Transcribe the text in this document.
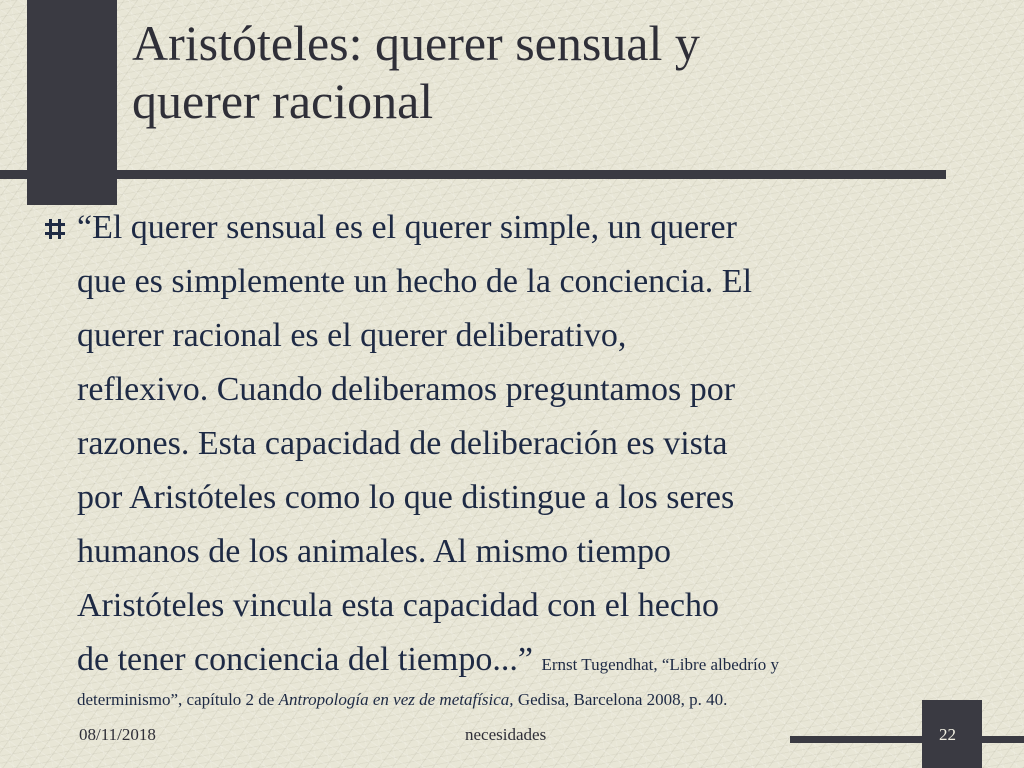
Aristóteles: querer sensual y
querer racional
“El querer sensual es el querer simple, un querer
que es simplemente un hecho de la conciencia. El
querer racional es el querer deliberativo,
reflexivo. Cuando deliberamos preguntamos por
razones. Esta capacidad de deliberación es vista
por Aristóteles como lo que distingue a los seres
humanos de los animales. Al mismo tiempo
Aristóteles vincula esta capacidad con el hecho
de tener conciencia del tiempo...” Ernst Tugendhat, “Libre albedrío y
determinismo”, capítulo 2 de Antropología en vez de metafísica, Gedisa, Barcelona 2008, p. 40.
08/11/2018	necesidades	22
